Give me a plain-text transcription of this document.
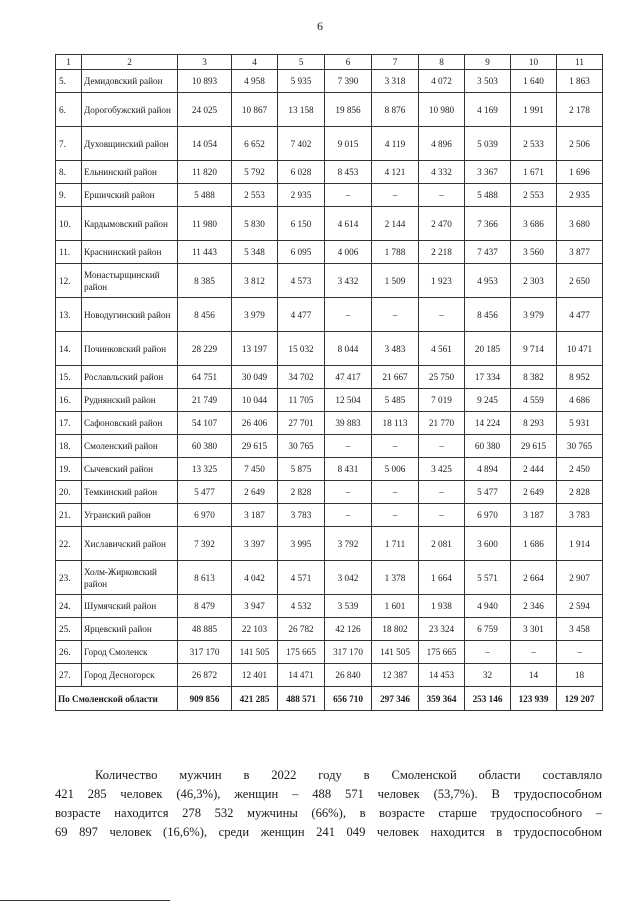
6
1	2	3	4	5	6	7	8	9	10	11
5.	Демидовский район	10 893	4 958	5 935	7 390	3 318	4 072	3 503	1 640	1 863
6.	Дорогобужский район	24 025	10 867	13 158	19 856	8 876	10 980	4 169	1 991	2 178
7.	Духовщинский район	14 054	6 652	7 402	9 015	4 119	4 896	5 039	2 533	2 506
8.	Ельнинский район	11 820	5 792	6 028	8 453	4 121	4 332	3 367	1 671	1 696
9.	Ершичский район	5 488	2 553	2 935	–	–	–	5 488	2 553	2 935
10.	Кардымовский район	11 980	5 830	6 150	4 614	2 144	2 470	7 366	3 686	3 680
11.	Краснинский район	11 443	5 348	6 095	4 006	1 788	2 218	7 437	3 560	3 877
12.	Монастырщинский район	8 385	3 812	4 573	3 432	1 509	1 923	4 953	2 303	2 650
13.	Новодугинский район	8 456	3 979	4 477	–	–	–	8 456	3 979	4 477
14.	Починковский район	28 229	13 197	15 032	8 044	3 483	4 561	20 185	9 714	10 471
15.	Рославльский район	64 751	30 049	34 702	47 417	21 667	25 750	17 334	8 382	8 952
16.	Руднянский район	21 749	10 044	11 705	12 504	5 485	7 019	9 245	4 559	4 686
17.	Сафоновский район	54 107	26 406	27 701	39 883	18 113	21 770	14 224	8 293	5 931
18.	Смоленский район	60 380	29 615	30 765	–	–	–	60 380	29 615	30 765
19.	Сычевский район	13 325	7 450	5 875	8 431	5 006	3 425	4 894	2 444	2 450
20.	Темкинский район	5 477	2 649	2 828	–	–	–	5 477	2 649	2 828
21.	Угранский район	6 970	3 187	3 783	–	–	–	6 970	3 187	3 783
22.	Хиславичский район	7 392	3 397	3 995	3 792	1 711	2 081	3 600	1 686	1 914
23.	Холм-Жирковский район	8 613	4 042	4 571	3 042	1 378	1 664	5 571	2 664	2 907
24.	Шумячский район	8 479	3 947	4 532	3 539	1 601	1 938	4 940	2 346	2 594
25.	Ярцевский район	48 885	22 103	26 782	42 126	18 802	23 324	6 759	3 301	3 458
26.	Город Смоленск	317 170	141 505	175 665	317 170	141 505	175 665	–	–	–
27.	Город Десногорск	26 872	12 401	14 471	26 840	12 387	14 453	32	14	18
По Смоленской области		909 856	421 285	488 571	656 710	297 346	359 364	253 146	123 939	129 207

Количество мужчин в 2022 году в Смоленской области составляло
421 285 человек (46,3%), женщин – 488 571 человек (53,7%). В трудоспособном
возрасте находится 278 532 мужчины (66%), в возрасте старше трудоспособного –
69 897 человек (16,6%), среди женщин 241 049 человек находится в трудоспособном
